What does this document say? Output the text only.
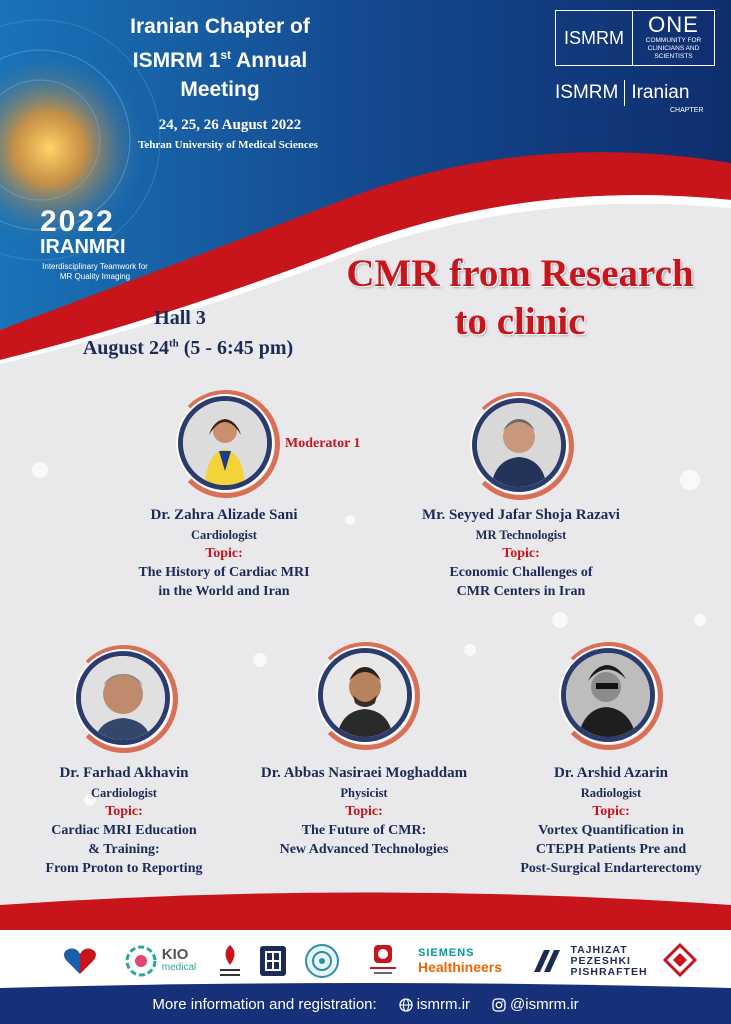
Iranian Chapter of
ISMRM 1st Annual
Meeting
24, 25, 26 August 2022
Tehran University of Medical Sciences
ISMRM
ONE
COMMUNITY FOR CLINICIANS AND SCIENTISTS
ISMRM Iranian
CHAPTER
2022
IRANMRI
Interdisciplinary Teamwork for MR Quality Imaging	CMR from Research
to clinic
Hall 3
August 24th (5 - 6:45 pm)
Moderator 1
Dr. Zahra Alizade Sani
Cardiologist
Topic:
The History of Cardiac MRI
in the World and Iran
Mr. Seyyed Jafar Shoja Razavi
MR Technologist
Topic:
Economic Challenges of
CMR Centers in Iran
Dr. Farhad Akhavin
Cardiologist
Topic:
Cardiac MRI Education
& Training:
From Proton to Reporting
Dr. Abbas Nasiraei Moghaddam
Physicist
Topic:
The Future of CMR:
New Advanced Technologies
Dr. Arshid Azarin
Radiologist
Topic:
Vortex Quantification in
CTEPH Patients Pre and
Post-Surgical Endarterectomy
KIO
medical
SIEMENS
Healthineers
TAJHIZAT
PEZESHKI
PISHRAFTEH
More information and registration:	ismrm.ir	@ismrm.ir
